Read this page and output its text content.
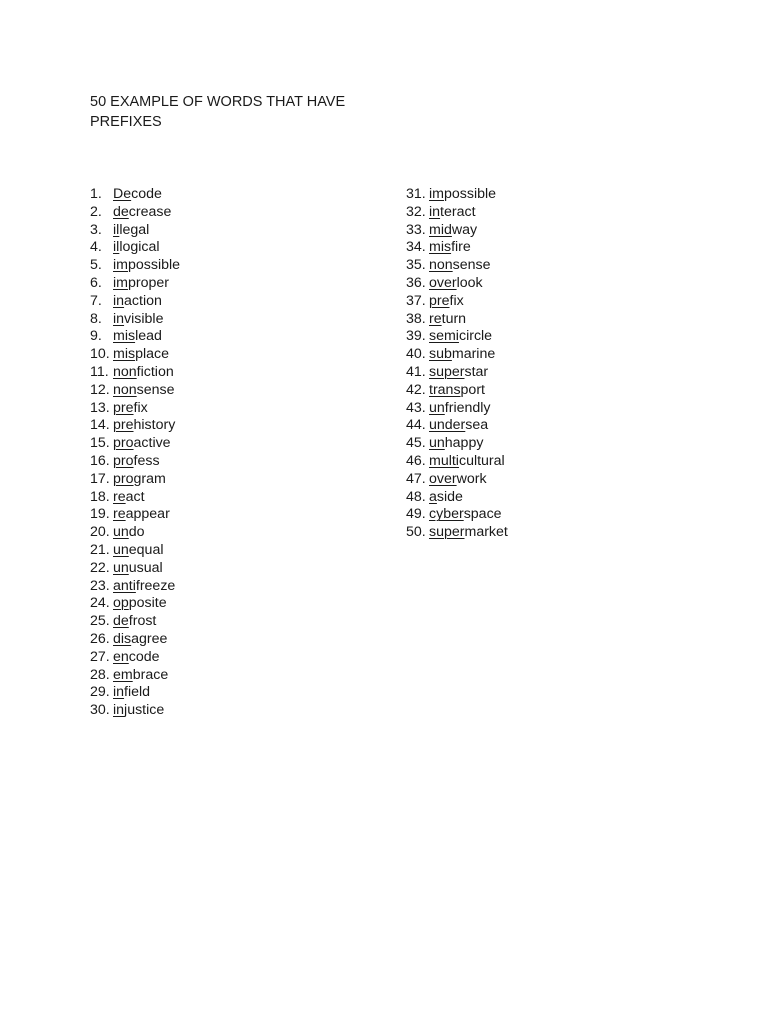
50 EXAMPLE OF WORDS THAT HAVE
PREFIXES
1. Decode
2. decrease
3. illegal
4. illogical
5. impossible
6. improper
7. inaction
8. invisible
9. mislead
10. misplace
11. nonfiction
12. nonsense
13. prefix
14. prehistory
15. proactive
16. profess
17. program
18. react
19. reappear
20. undo
21. unequal
22. unusual
23. antifreeze
24. opposite
25. defrost
26. disagree
27. encode
28. embrace
29. infield
30. injustice
31. impossible
32. interact
33. midway
34. misfire
35. nonsense
36. overlook
37. prefix
38. return
39. semicircle
40. submarine
41. superstar
42. transport
43. unfriendly
44. undersea
45. unhappy
46. multicultural
47. overwork
48. aside
49. cyberspace
50. supermarket
